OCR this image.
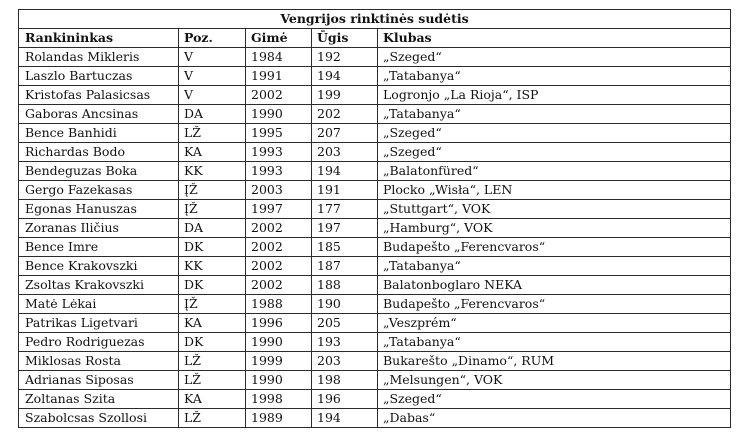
Vengrijos rinktinės sudėtis				
Rankininkas	Poz.	Gimė	Ūgis	Klubas
Rolandas Mikleris	V	1984	192	„Szeged“
Laszlo Bartuczas	V	1991	194	„Tatabanya“
Kristofas Palasicsas	V	2002	199	Logronjo „La Rioja“, ISP
Gaboras Ancsinas	DA	1990	202	„Tatabanya“
Bence Banhidi	LŽ	1995	207	„Szeged“
Richardas Bodo	KA	1993	203	„Szeged“
Bendeguzas Boka	KK	1993	194	„Balatonfüred“
Gergo Fazekasas	ĮŽ	2003	191	Plocko „Wisła“, LEN
Egonas Hanuszas	ĮŽ	1997	177	„Stuttgart“, VOK
Zoranas Iličius	DA	2002	197	„Hamburg“, VOK
Bence Imre	DK	2002	185	Budapešto „Ferencvaros“
Bence Krakovszki	KK	2002	187	„Tatabanya“
Zsoltas Krakovszki	DK	2002	188	Balatonboglaro NEKA
Matė Lėkai	ĮŽ	1988	190	Budapešto „Ferencvaros“
Patrikas Ligetvari	KA	1996	205	„Veszprém“
Pedro Rodriguezas	DK	1990	193	„Tatabanya“
Miklosas Rosta	LŽ	1999	203	Bukarešto „Dinamo“, RUM
Adrianas Siposas	LŽ	1990	198	„Melsungen“, VOK
Zoltanas Szita	KA	1998	196	„Szeged“
Szabolcsas Szollosi	LŽ	1989	194	„Dabas“
